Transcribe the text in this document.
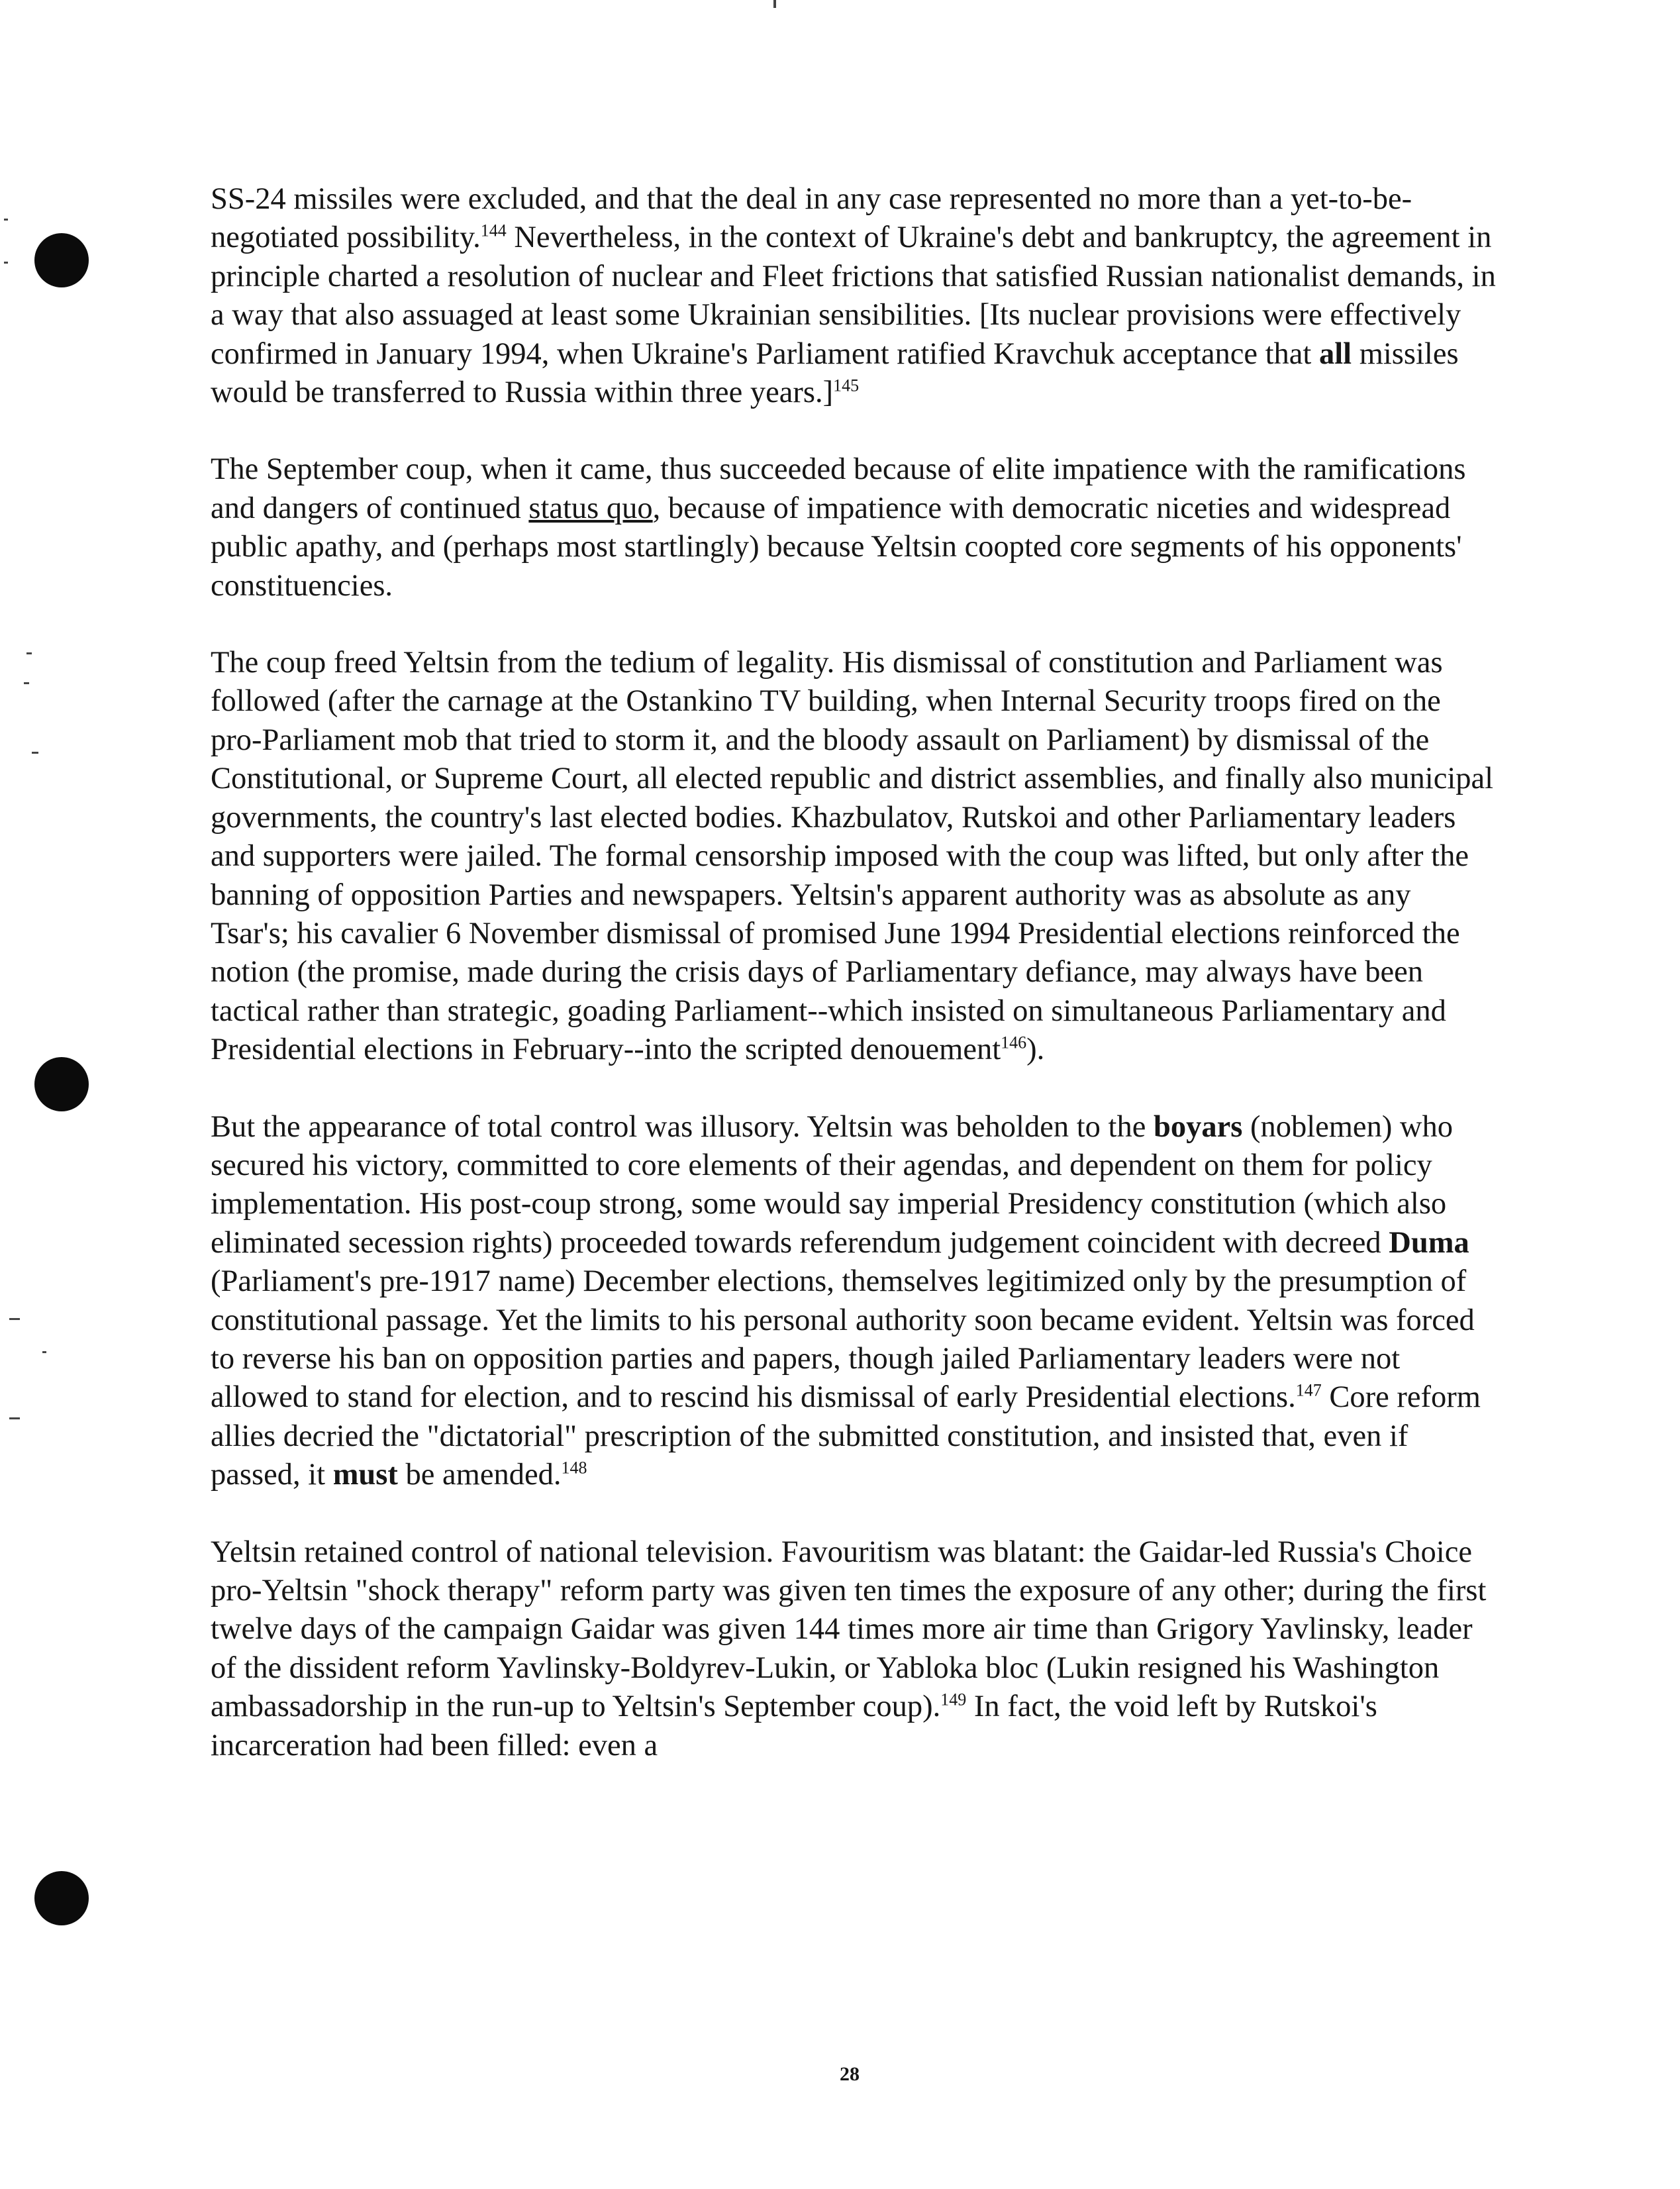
SS-24 missiles were excluded, and that the deal in any case represented no more than a yet-to-be-negotiated possibility.$^{144}$ Nevertheless, in the context of Ukraine's debt and bankruptcy, the agreement in principle charted a resolution of nuclear and Fleet frictions that satisfied Russian nationalist demands, in a way that also assuaged at least some Ukrainian sensibilities. [Its nuclear provisions were effectively confirmed in January 1994, when Ukraine's Parliament ratified Kravchuk acceptance that all missiles would be transferred to Russia within three years.]$^{145}$

The September coup, when it came, thus succeeded because of elite impatience with the ramifications and dangers of continued status quo, because of impatience with democratic niceties and widespread public apathy, and (perhaps most startlingly) because Yeltsin coopted core segments of his opponents' constituencies.

The coup freed Yeltsin from the tedium of legality. His dismissal of constitution and Parliament was followed (after the carnage at the Ostankino TV building, when Internal Security troops fired on the pro-Parliament mob that tried to storm it, and the bloody assault on Parliament) by dismissal of the Constitutional, or Supreme Court, all elected republic and district assemblies, and finally also municipal governments, the country's last elected bodies. Khazbulatov, Rutskoi and other Parliamentary leaders and supporters were jailed. The formal censorship imposed with the coup was lifted, but only after the banning of opposition Parties and newspapers. Yeltsin's apparent authority was as absolute as any Tsar's; his cavalier 6 November dismissal of promised June 1994 Presidential elections reinforced the notion (the promise, made during the crisis days of Parliamentary defiance, may always have been tactical rather than strategic, goading Parliament--which insisted on simultaneous Parliamentary and Presidential elections in February--into the scripted denouement$^{146}$).

But the appearance of total control was illusory. Yeltsin was beholden to the boyars (noblemen) who secured his victory, committed to core elements of their agendas, and dependent on them for policy implementation. His post-coup strong, some would say imperial Presidency constitution (which also eliminated secession rights) proceeded towards referendum judgement coincident with decreed Duma (Parliament's pre-1917 name) December elections, themselves legitimized only by the presumption of constitutional passage. Yet the limits to his personal authority soon became evident. Yeltsin was forced to reverse his ban on opposition parties and papers, though jailed Parliamentary leaders were not allowed to stand for election, and to rescind his dismissal of early Presidential elections.$^{147}$ Core reform allies decried the "dictatorial" prescription of the submitted constitution, and insisted that, even if passed, it must be amended.$^{148}$

Yeltsin retained control of national television. Favouritism was blatant: the Gaidar-led Russia's Choice pro-Yeltsin "shock therapy" reform party was given ten times the exposure of any other; during the first twelve days of the campaign Gaidar was given 144 times more air time than Grigory Yavlinsky, leader of the dissident reform Yavlinsky-Boldyrev-Lukin, or Yabloka bloc (Lukin resigned his Washington ambassadorship in the run-up to Yeltsin's September coup).$^{149}$ In fact, the void left by Rutskoi's incarceration had been filled: even a

28
